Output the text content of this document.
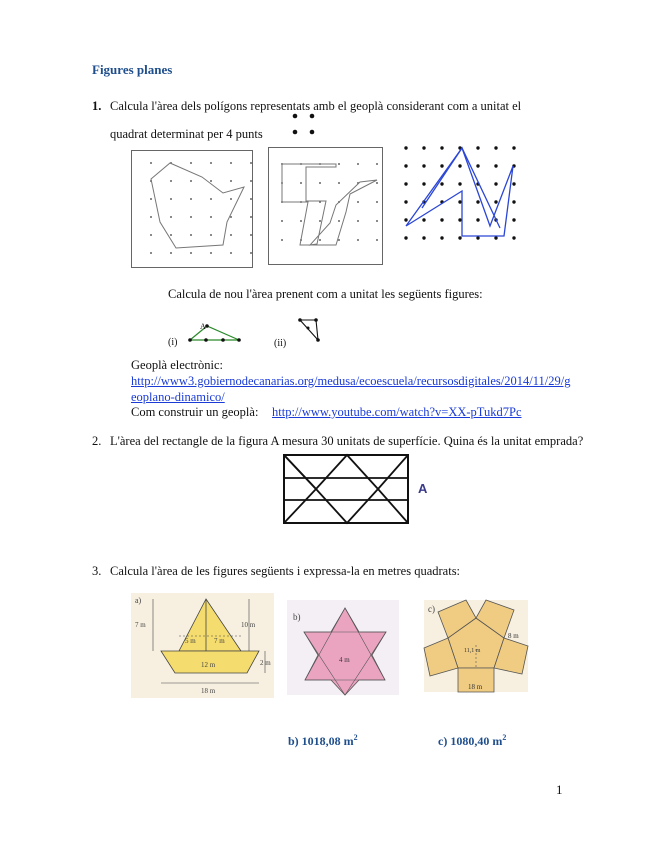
Figures planes
1. Calcula l'àrea dels polígons representats amb el geoplà considerant com a unitat el
quadrat determinat per 4 punts
Calcula de nou l'àrea prenent com a unitat les següents figures:
(i)
A
(ii)
Geoplà electrònic:
http://www3.gobiernodecanarias.org/medusa/ecoescuela/recursosdigitales/2014/11/29/g
eoplano-dinamico/
Com construir un geoplà: http://www.youtube.com/watch?v=XX-pTukd7Pc
2. L'àrea del rectangle de la figura A mesura 30 unitats de superfície. Quina és la unitat emprada?
A
3. Calcula l'àrea de les figures següents i expressa-la en metres quadrats:
a)
7 m	10 m
5 m	7 m
12 m	2 m
18 m
b)
4 m
c)
8 m
11,1 m
18 m
b) 1018,08 $m^2$	c) 1080,40 $m^2$
1
